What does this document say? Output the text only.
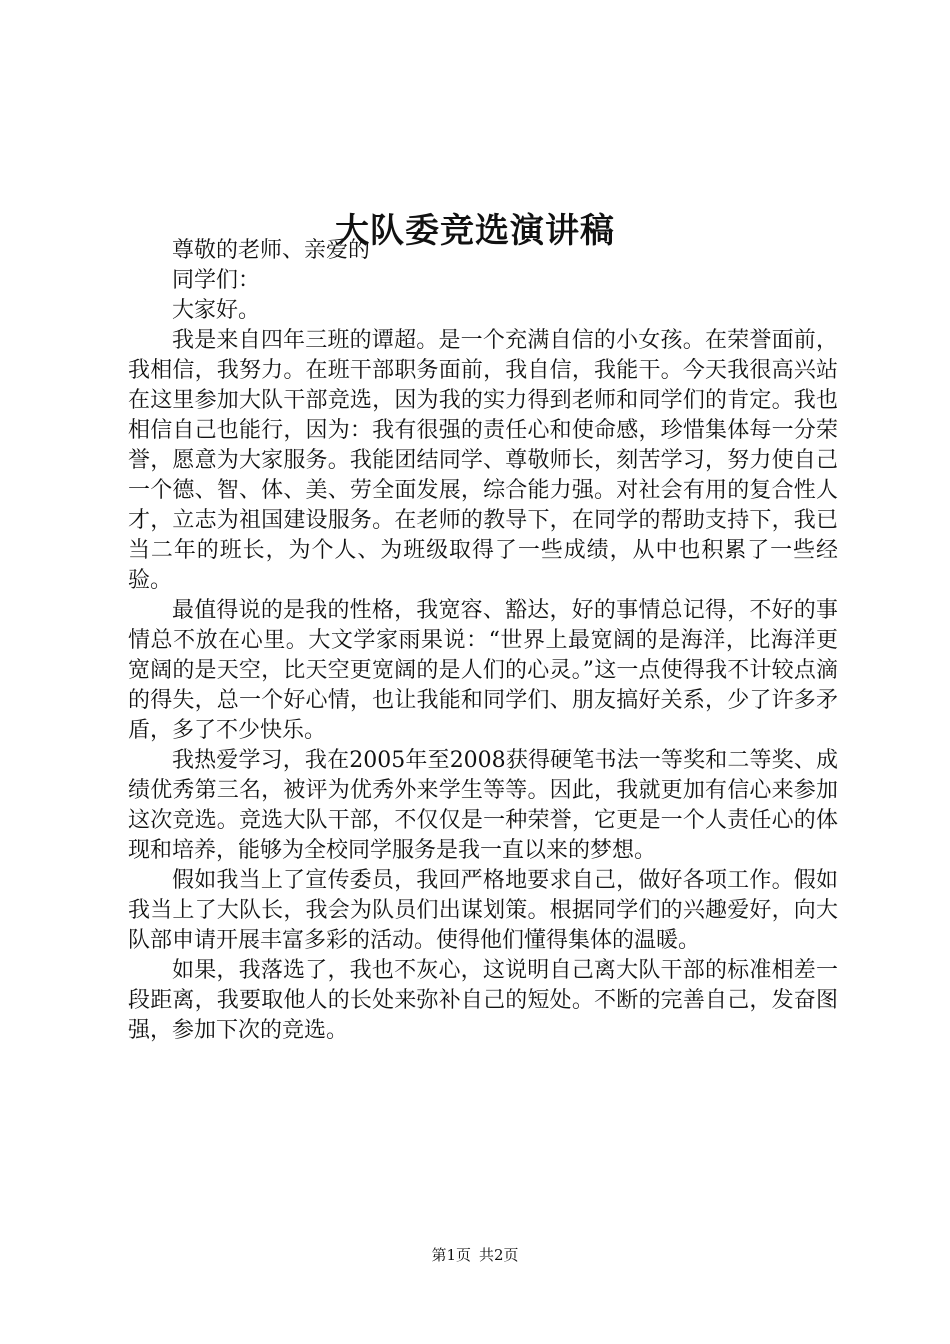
大队委竞选演讲稿

尊敬的老师、亲爱的

同学们：

大家好。

我是来自四年三班的谭超。是一个充满自信的小女孩。在荣誉面前，我相信，我努力。在班干部职务面前，我自信，我能干。今天我很高兴站在这里参加大队干部竞选，因为我的实力得到老师和同学们的肯定。我也相信自己也能行，因为：我有很强的责任心和使命感，珍惜集体每一分荣誉，愿意为大家服务。我能团结同学、尊敬师长，刻苦学习，努力使自己一个德、智、体、美、劳全面发展，综合能力强。对社会有用的复合性人才，立志为祖国建设服务。在老师的教导下，在同学的帮助支持下，我已当二年的班长，为个人、为班级取得了一些成绩，从中也积累了一些经验。

最值得说的是我的性格，我宽容、豁达，好的事情总记得，不好的事情总不放在心里。大文学家雨果说：“世界上最宽阔的是海洋，比海洋更宽阔的是天空，比天空更宽阔的是人们的心灵。”这一点使得我不计较点滴的得失，总一个好心情，也让我能和同学们、朋友搞好关系，少了许多矛盾，多了不少快乐。

我热爱学习，我在2005年至2008获得硬笔书法一等奖和二等奖、成绩优秀第三名，被评为优秀外来学生等等。因此，我就更加有信心来参加这次竞选。竞选大队干部，不仅仅是一种荣誉，它更是一个人责任心的体现和培养，能够为全校同学服务是我一直以来的梦想。

假如我当上了宣传委员，我回严格地要求自己，做好各项工作。假如我当上了大队长，我会为队员们出谋划策。根据同学们的兴趣爱好，向大队部申请开展丰富多彩的活动。使得他们懂得集体的温暖。

如果，我落选了，我也不灰心，这说明自己离大队干部的标准相差一段距离，我要取他人的长处来弥补自己的短处。不断的完善自己，发奋图强，参加下次的竞选。

第1页 共2页
